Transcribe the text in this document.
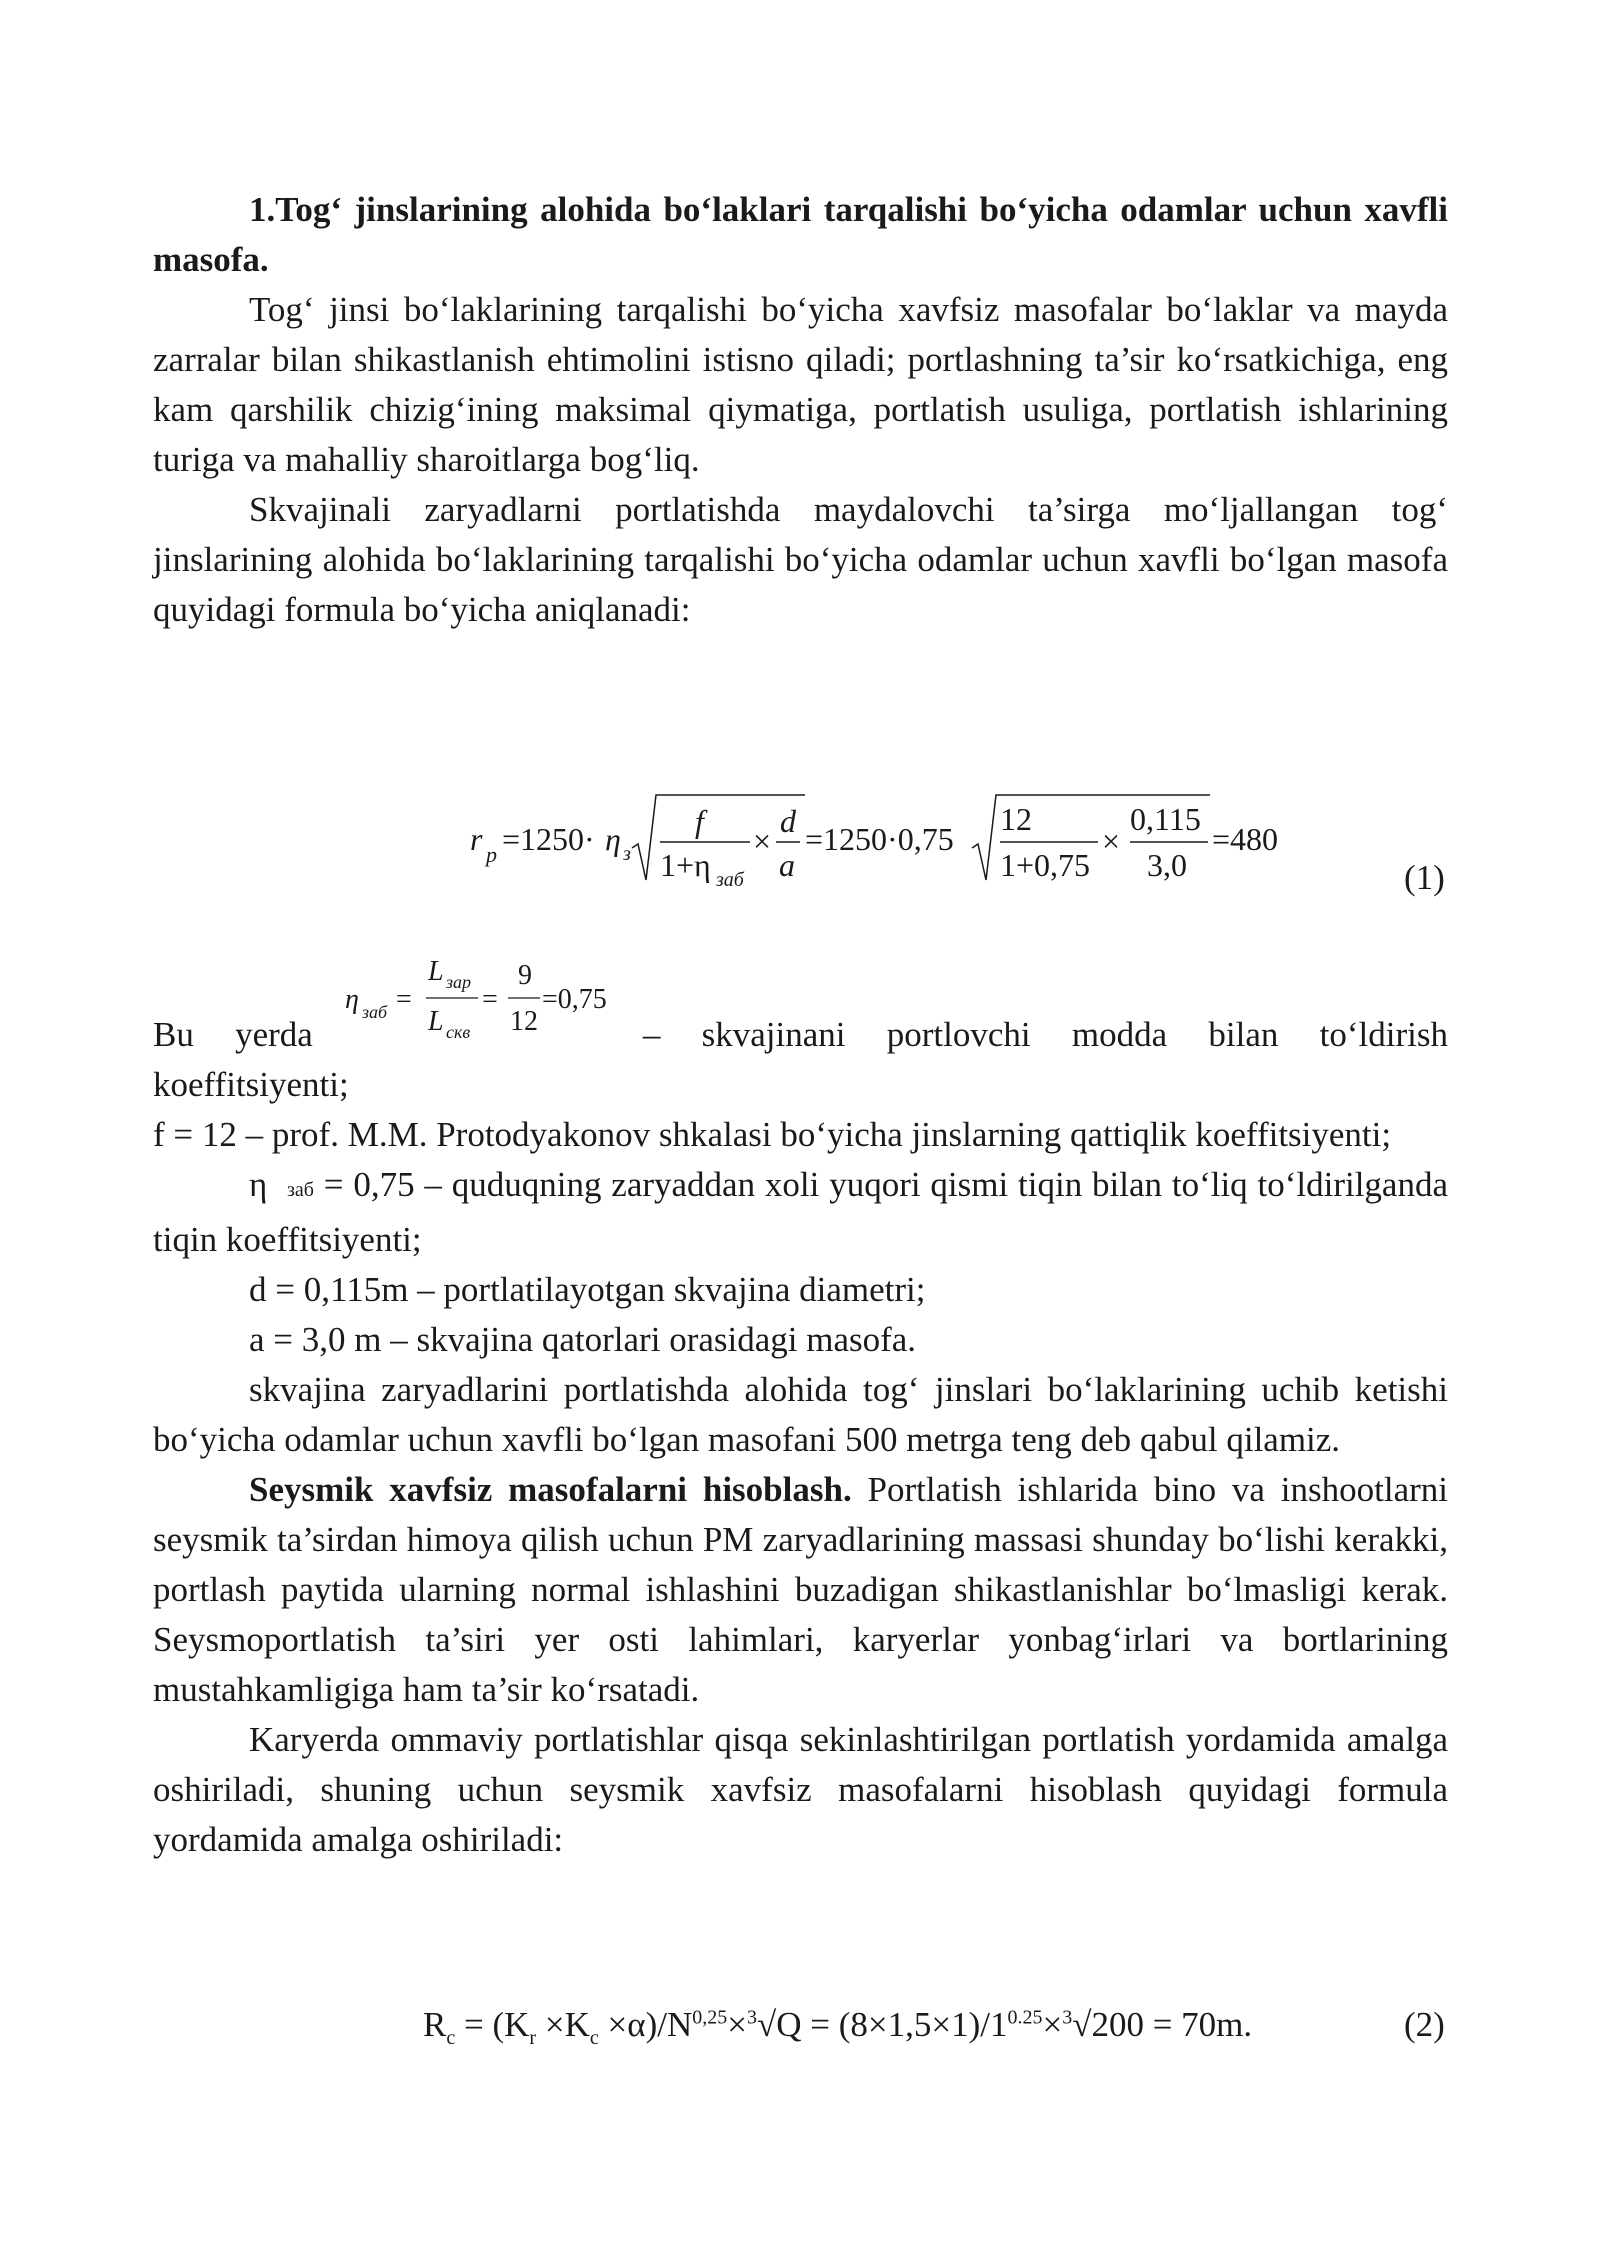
1.Tog‘ jinslarining alohida bo‘laklari tarqalishi bo‘yicha odamlar uchun xavfli masofa.

Tog‘ jinsi bo‘laklarining tarqalishi bo‘yicha xavfsiz masofalar bo‘laklar va mayda zarralar bilan shikastlanish ehtimolini istisno qiladi; portlashning ta’sir ko‘rsatkichiga, eng kam qarshilik chizig‘ining maksimal qiymatiga, portlatish usuliga, portlatish ishlarining turiga va mahalliy sharoitlarga bog‘liq.

Skvajinali zaryadlarni portlatishda maydalovchi ta’sirga mo‘ljallangan tog‘ jinslarining alohida bo‘laklarining tarqalishi bo‘yicha odamlar uchun xavfli bo‘lgan masofa quyidagi formula bo‘yicha aniqlanadi:

r p =1250· η з
f
1+η заб
×
d
a
=1250·0,75
12
1+0,75
×
0,115
3,0
=480
(1)
η заб =
L зар
L скв
=
9
12
=0,75

Bu yerda	– skvajinani portlovchi modda bilan to‘ldirish koeffitsiyenti;

f = 12 – prof. M.M. Protodyakonov shkalasi bo‘yicha jinslarning qattiqlik koeffitsiyenti;

η заб = 0,75 – quduqning zaryaddan xoli yuqori qismi tiqin bilan to‘liq to‘ldirilganda tiqin koeffitsiyenti;

d = 0,115m – portlatilayotgan skvajina diametri;

a = 3,0 m – skvajina qatorlari orasidagi masofa.

skvajina zaryadlarini portlatishda alohida tog‘ jinslari bo‘laklarining uchib ketishi bo‘yicha odamlar uchun xavfli bo‘lgan masofani 500 metrga teng deb qabul qilamiz.

Seysmik xavfsiz masofalarni hisoblash. Portlatish ishlarida bino va inshootlarni seysmik ta’sirdan himoya qilish uchun PM zaryadlarining massasi shunday bo‘lishi kerakki, portlash paytida ularning normal ishlashini buzadigan shikastlanishlar bo‘lmasligi kerak. Seysmoportlatish ta’siri yer osti lahimlari, karyerlar yonbag‘irlari va bortlarining mustahkamligiga ham ta’sir ko‘rsatadi.

Karyerda ommaviy portlatishlar qisqa sekinlashtirilgan portlatish yordamida amalga oshiriladi, shuning uchun seysmik xavfsiz masofalarni hisoblash quyidagi formula yordamida amalga oshiriladi:

$R_c = (K_r \times K_c \times\alpha)/N^{0,25}\times^3√Q = (8\times 1,5\times 1)/1^{0.25}\times^3√200 = 70m$.	(2)
